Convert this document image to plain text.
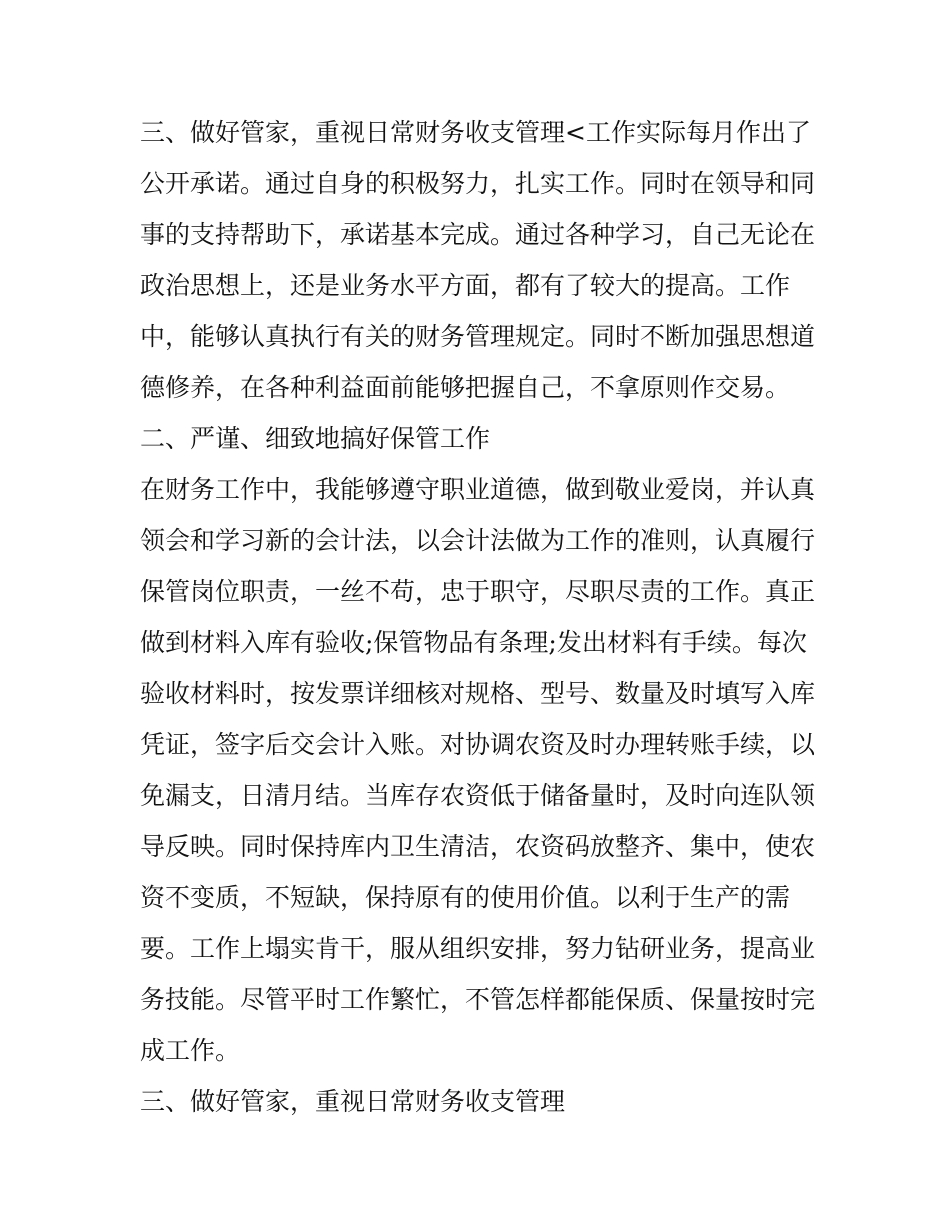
三、做好管家，重视日常财务收支管理<工作实际每月作出了
公开承诺。通过自身的积极努力，扎实工作。同时在领导和同
事的支持帮助下，承诺基本完成。通过各种学习，自己无论在
政治思想上，还是业务水平方面，都有了较大的提高。工作
中，能够认真执行有关的财务管理规定。同时不断加强思想道
德修养，在各种利益面前能够把握自己，不拿原则作交易。
二、严谨、细致地搞好保管工作
在财务工作中，我能够遵守职业道德，做到敬业爱岗，并认真
领会和学习新的会计法，以会计法做为工作的准则，认真履行
保管岗位职责，一丝不苟，忠于职守，尽职尽责的工作。真正
做到材料入库有验收;保管物品有条理;发出材料有手续。每次
验收材料时，按发票详细核对规格、型号、数量及时填写入库
凭证，签字后交会计入账。对协调农资及时办理转账手续，以
免漏支，日清月结。当库存农资低于储备量时，及时向连队领
导反映。同时保持库内卫生清洁，农资码放整齐、集中，使农
资不变质，不短缺，保持原有的使用价值。以利于生产的需
要。工作上塌实肯干，服从组织安排，努力钻研业务，提高业
务技能。尽管平时工作繁忙，不管怎样都能保质、保量按时完
成工作。
三、做好管家，重视日常财务收支管理
